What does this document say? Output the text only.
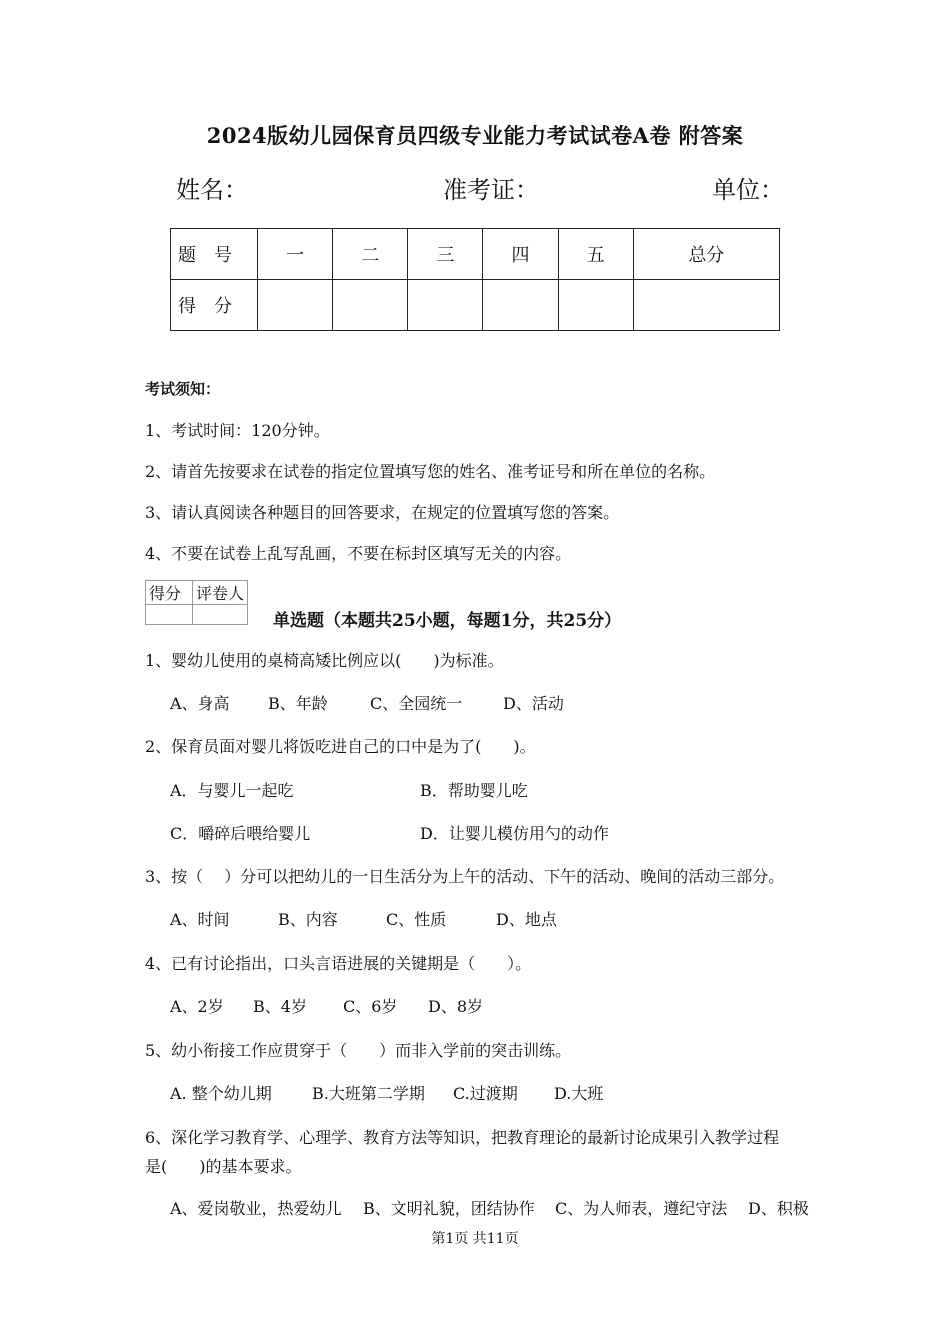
2024版幼儿园保育员四级专业能力考试试卷A卷 附答案
姓名：	准考证：	单位：
题号	一	二	三	四	五	总分
得分						
考试须知：
1、考试时间：120分钟。
2、请首先按要求在试卷的指定位置填写您的姓名、准考证号和所在单位的名称。
3、请认真阅读各种题目的回答要求，在规定的位置填写您的答案。
4、不要在试卷上乱写乱画，不要在标封区填写无关的内容。
得分	评卷人

单选题（本题共25小题，每题1分，共25分）
1、婴幼儿使用的桌椅高矮比例应以(　　)为标准。
A、身高 B、年龄	C、全园统一	D、活动
2、保育员面对婴儿将饭吃进自己的口中是为了(　　)。
A．与婴儿一起吃	B．帮助婴儿吃
C．嚼碎后喂给婴儿	D．让婴儿模仿用勺的动作
3、按（　 ）分可以把幼儿的一日生活分为上午的活动、下午的活动、晚间的活动三部分。
A、时间	B、内容	C、性质	D、地点
4、已有讨论指出，口头言语进展的关键期是（　　）。
A、2岁 B、4岁 C、6岁 D、8岁
5、幼小衔接工作应贯穿于（　　）而非入学前的突击训练。
A. 整个幼儿期	B.大班第二学期 C.过渡期 D.大班
6、深化学习教育学、心理学、教育方法等知识，把教育理论的最新讨论成果引入教学过程
是(　　)的基本要求。
A、爱岗敬业，热爱幼儿 B、文明礼貌，团结协作 C、为人师表，遵纪守法 D、积极
第1页 共11页
